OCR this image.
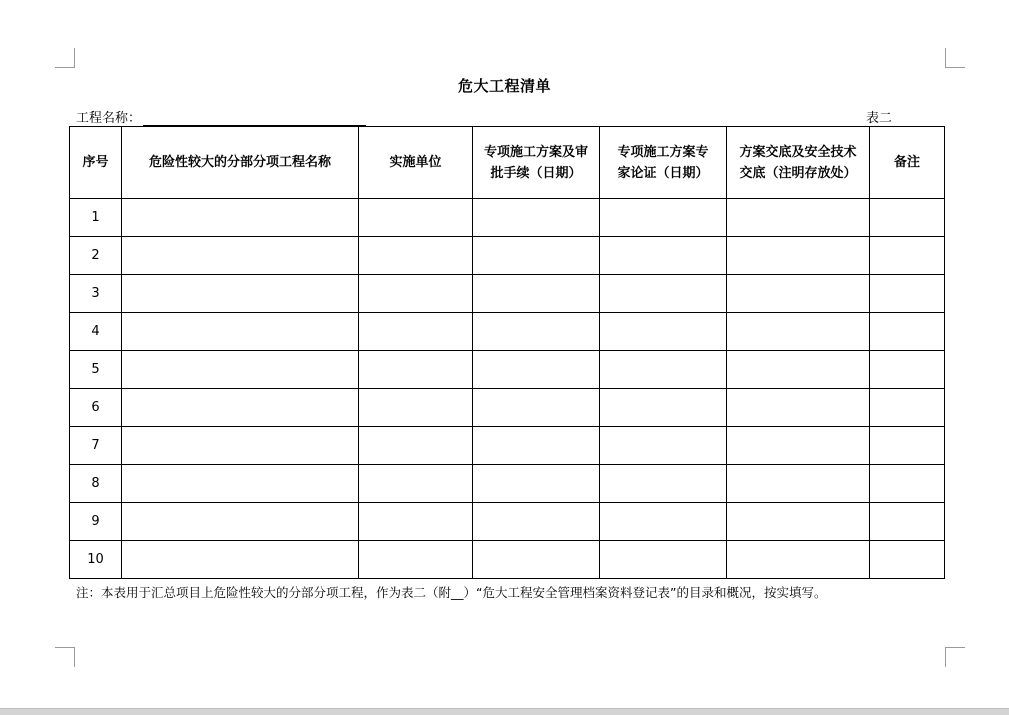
危大工程清单
工程名称：	表二
序号	危险性较大的分部分项工程名称	实施单位	专项施工方案及审批手续（日期）	专项施工方案专家论证（日期）	方案交底及安全技术交底（注明存放处）	备注
1						
2						
3						
4						
5						
6						
7						
8						
9						
10						
注：本表用于汇总项目上危险性较大的分部分项工程，作为表二（附__）“危大工程安全管理档案资料登记表”的目录和概况，按实填写。
